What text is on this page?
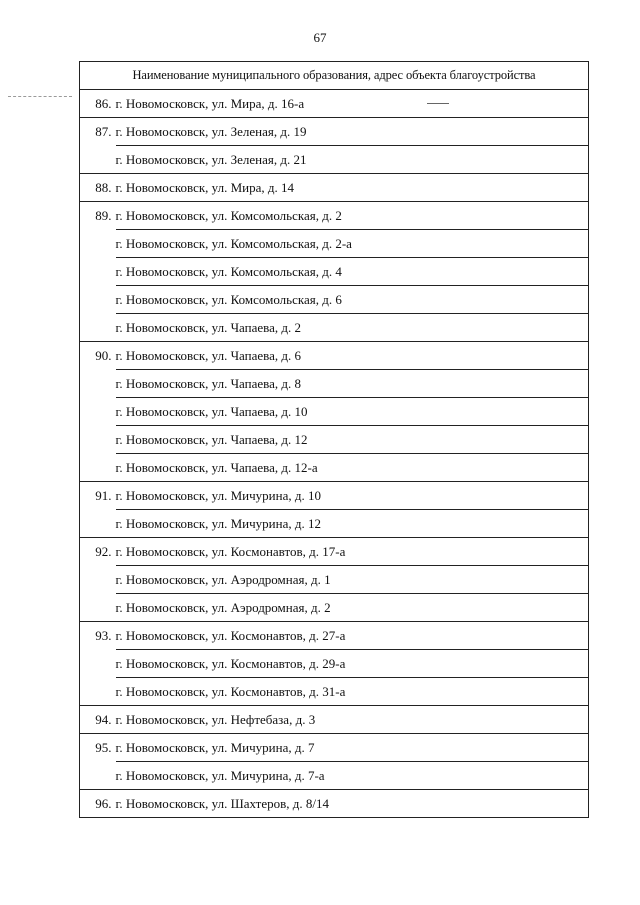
67
Наименование муниципального образования, адрес объекта благоустройства	
86.	г. Новомосковск, ул. Мира, д. 16-а
87.	г. Новомосковск, ул. Зеленая, д. 19
	г. Новомосковск, ул. Зеленая, д. 21
88.	г. Новомосковск, ул. Мира, д. 14
89.	г. Новомосковск, ул. Комсомольская, д. 2
	г. Новомосковск, ул. Комсомольская, д. 2-а
	г. Новомосковск, ул. Комсомольская, д. 4
	г. Новомосковск, ул. Комсомольская, д. 6
	г. Новомосковск, ул. Чапаева, д. 2
90.	г. Новомосковск, ул. Чапаева, д. 6
	г. Новомосковск, ул. Чапаева, д. 8
	г. Новомосковск, ул. Чапаева, д. 10
	г. Новомосковск, ул. Чапаева, д. 12
	г. Новомосковск, ул. Чапаева, д. 12-а
91.	г. Новомосковск, ул. Мичурина, д. 10
	г. Новомосковск, ул. Мичурина, д. 12
92.	г. Новомосковск, ул. Космонавтов, д. 17-а
	г. Новомосковск, ул. Аэродромная, д. 1
	г. Новомосковск, ул. Аэродромная, д. 2
93.	г. Новомосковск, ул. Космонавтов, д. 27-а
	г. Новомосковск, ул. Космонавтов, д. 29-а
	г. Новомосковск, ул. Космонавтов, д. 31-а
94.	г. Новомосковск, ул. Нефтебаза, д. 3
95.	г. Новомосковск, ул. Мичурина, д. 7
	г. Новомосковск, ул. Мичурина, д. 7-а
96.	г. Новомосковск, ул. Шахтеров, д. 8/14
